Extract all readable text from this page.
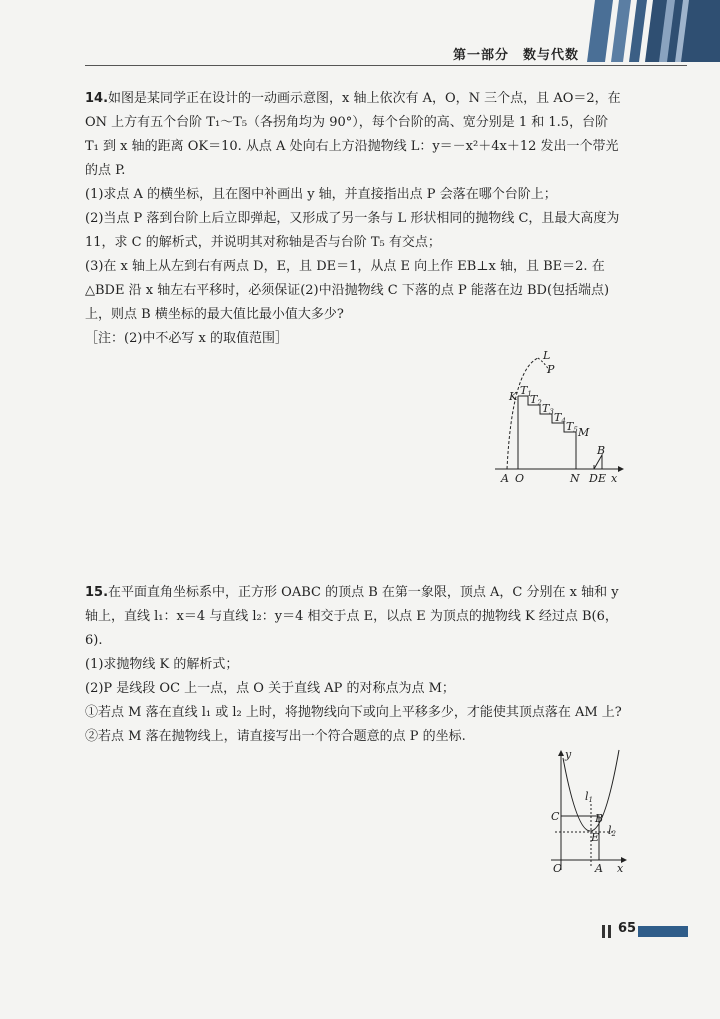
第一部分　数与代数

14.如图是某同学正在设计的一动画示意图，x 轴上依次有 A，O，N 三个点，且 AO＝2，在 ON 上方有五个台阶 T₁～T₅（各拐角均为 90°），每个台阶的高、宽分别是 1 和 1.5，台阶 T₁ 到 x 轴的距离 OK＝10. 从点 A 处向右上方沿抛物线 L：y＝－x²＋4x＋12 发出一个带光的点 P.

(1)求点 A 的横坐标，且在图中补画出 y 轴，并直接指出点 P 会落在哪个台阶上；

(2)当点 P 落到台阶上后立即弹起，又形成了另一条与 L 形状相同的抛物线 C，且最大高度为 11，求 C 的解析式，并说明其对称轴是否与台阶 T₅ 有交点；

(3)在 x 轴上从左到右有两点 D，E，且 DE＝1，从点 E 向上作 EB⊥x 轴，且 BE＝2. 在△BDE 沿 x 轴左右平移时，必须保证(2)中沿抛物线 C 下落的点 P 能落在边 BD(包括端点)上，则点 B 横坐标的最大值比最小值大多少?

［注：(2)中不必写 x 的取值范围］

L
P
K T1
T2 T3 T4 T5 M
B
A O	N D E x

15.在平面直角坐标系中，正方形 OABC 的顶点 B 在第一象限，顶点 A，C 分别在 x 轴和 y 轴上，直线 l₁：x＝4 与直线 l₂：y＝4 相交于点 E，以点 E 为顶点的抛物线 K 经过点 B(6，6).

(1)求抛物线 K 的解析式；

(2)P 是线段 OC 上一点，点 O 关于直线 AP 的对称点为点 M；

①若点 M 落在直线 l₁ 或 l₂ 上时，将抛物线向下或向上平移多少，才能使其顶点落在 AM 上?

②若点 M 落在抛物线上，请直接写出一个符合题意的点 P 的坐标.

y
C	B
E
l1
l2
O	A x
65
